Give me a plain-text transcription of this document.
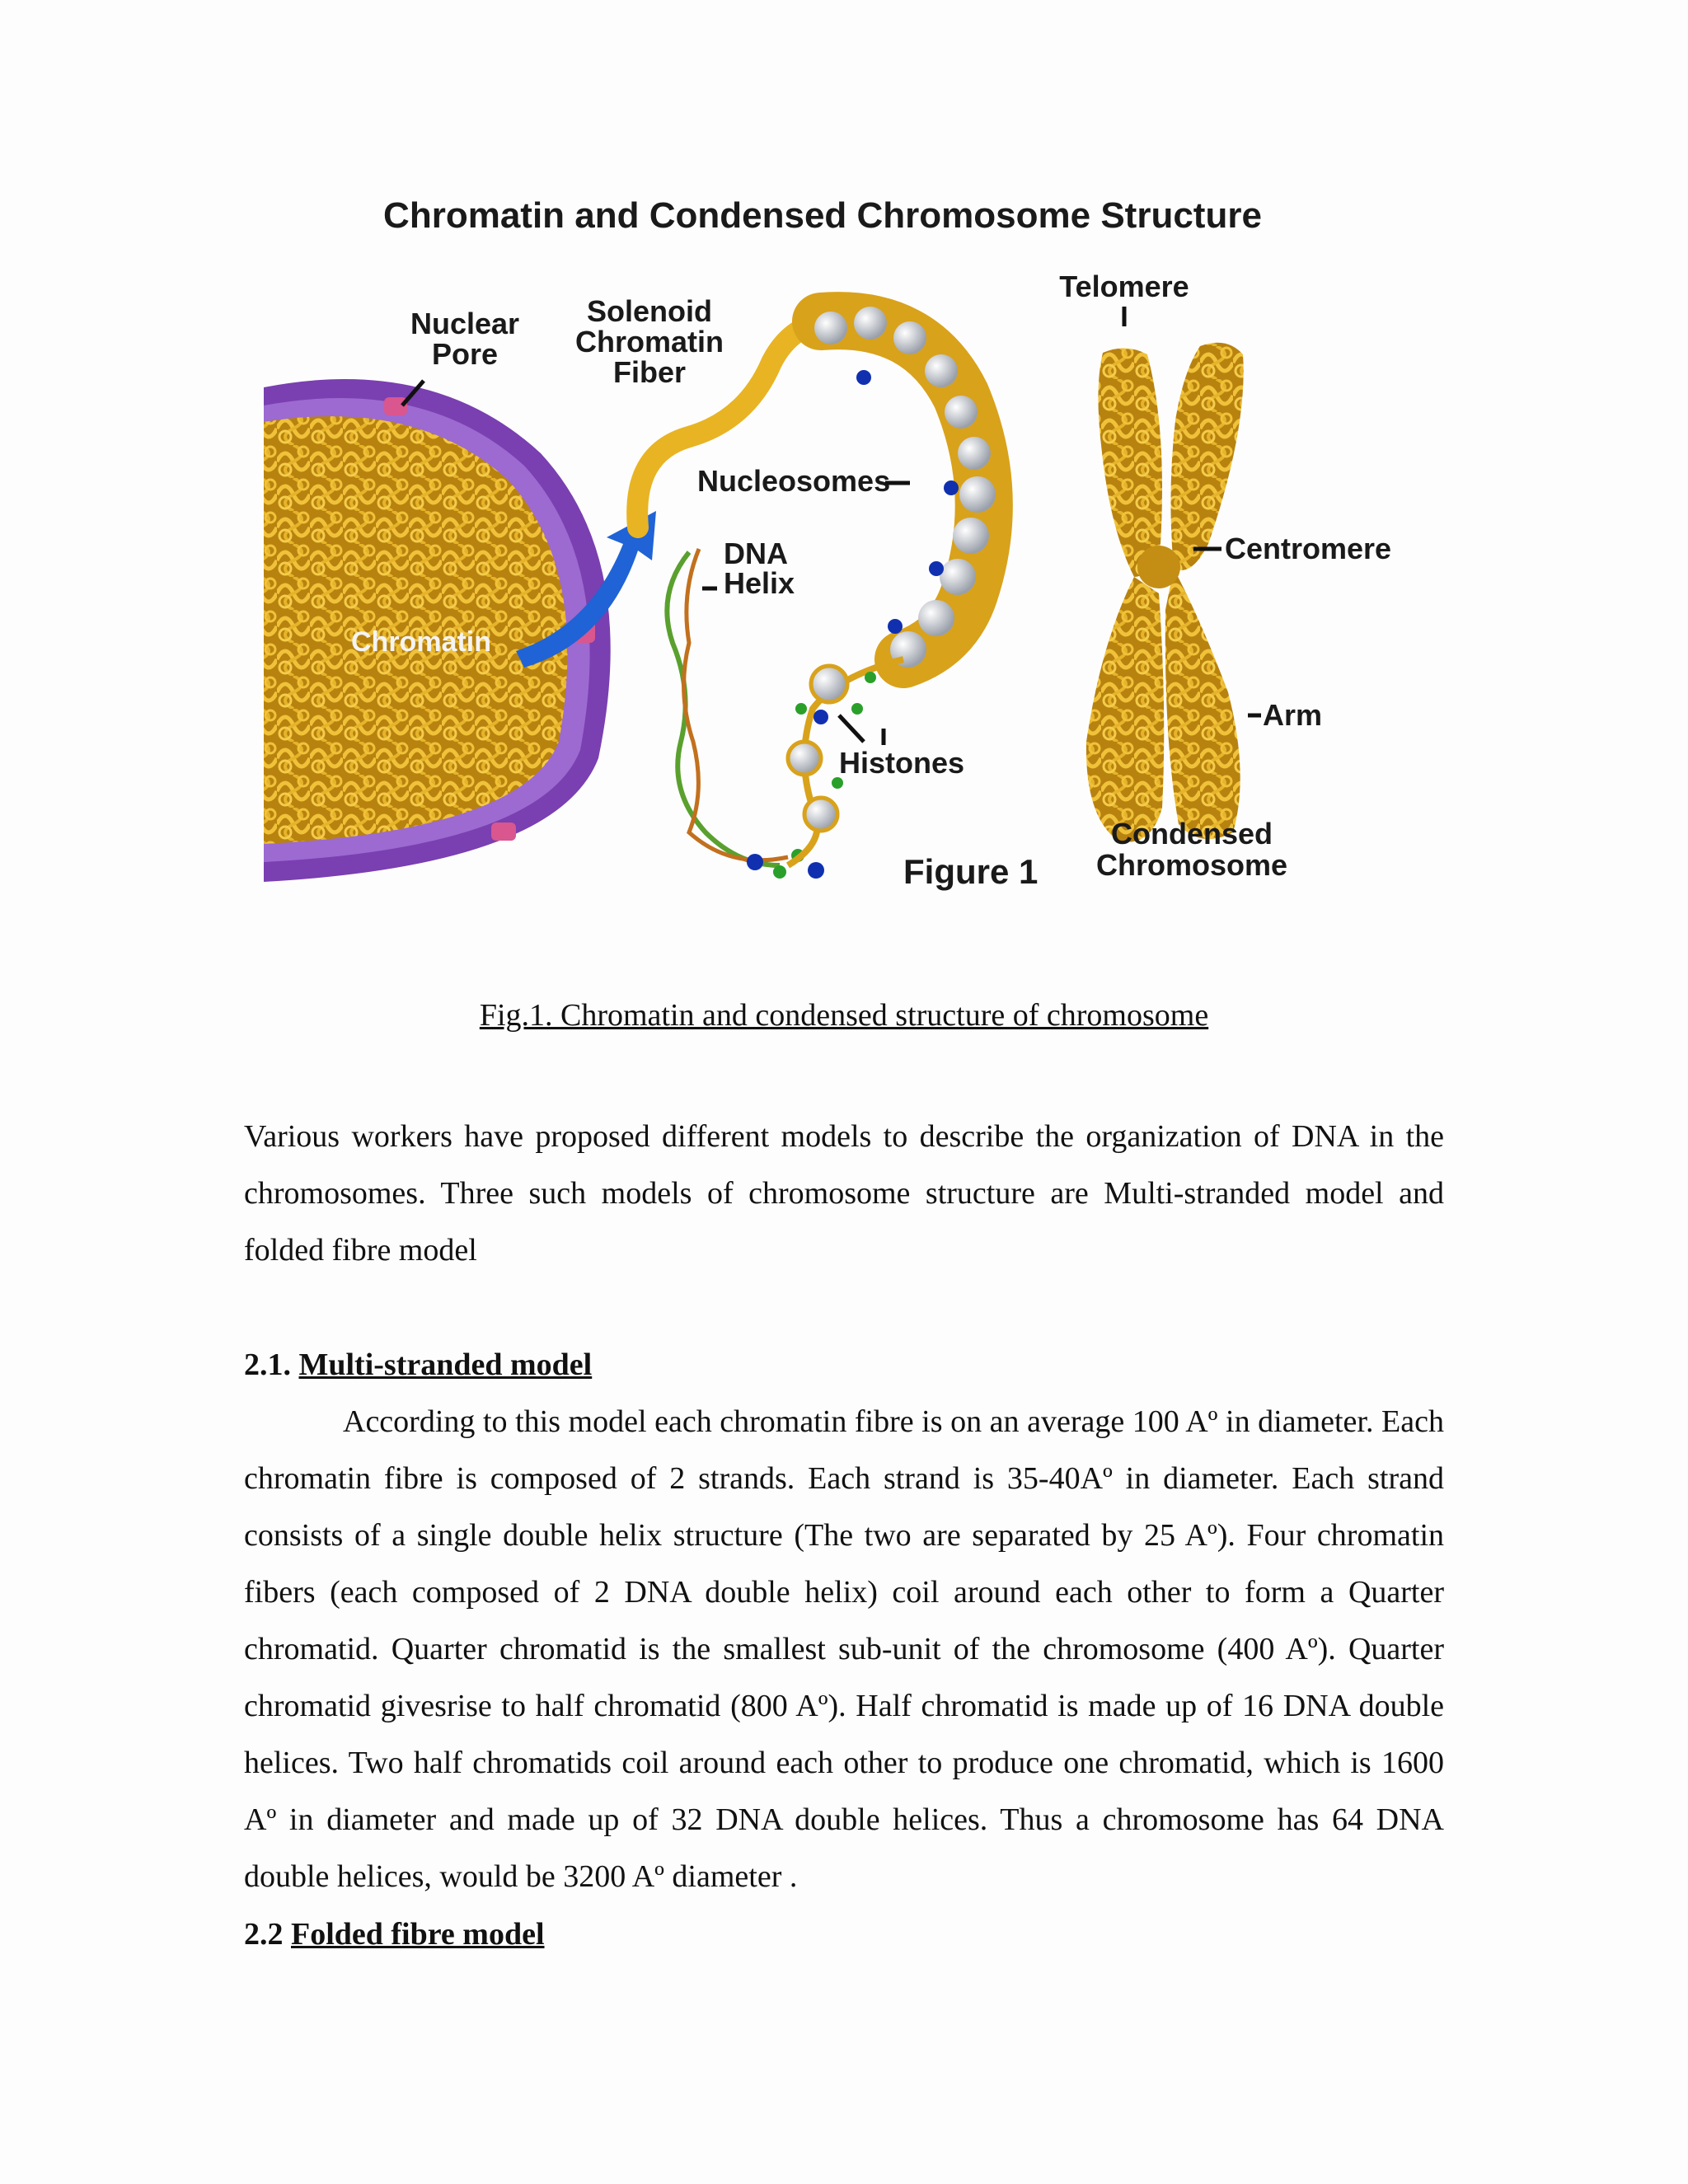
Chromatin and Condensed Chromosome Structure
Chromatin
Nuclear
Pore
Solenoid
Chromatin
Fiber
Nucleosomes
DNA
Helix
Histones
Telomere
Centromere
Arm
Condensed
Chromosome
Figure 1
Fig.1. Chromatin and condensed structure of chromosome

Various workers have proposed different models to describe the organization of DNA in the chromosomes. Three such models of chromosome structure are Multi-stranded model and folded fibre model

2.1. Multi-stranded model

According to this model each chromatin fibre is on an average 100 Aº in diameter. Each chromatin fibre is composed of 2 strands. Each strand is 35-40Aº in diameter. Each strand consists of a single double helix structure (The two are separated by 25 Aº). Four chromatin fibers (each composed of 2 DNA double helix) coil around each other to form a Quarter chromatid. Quarter chromatid is the smallest sub-unit of the chromosome (400 Aº). Quarter chromatid givesrise to half chromatid (800 Aº). Half chromatid is made up of 16 DNA double helices. Two half chromatids coil around each other to produce one chromatid, which is 1600 Aº in diameter and made up of 32 DNA double helices. Thus a chromosome has 64 DNA double helices, would be 3200 Aº diameter .

2.2 Folded fibre model
